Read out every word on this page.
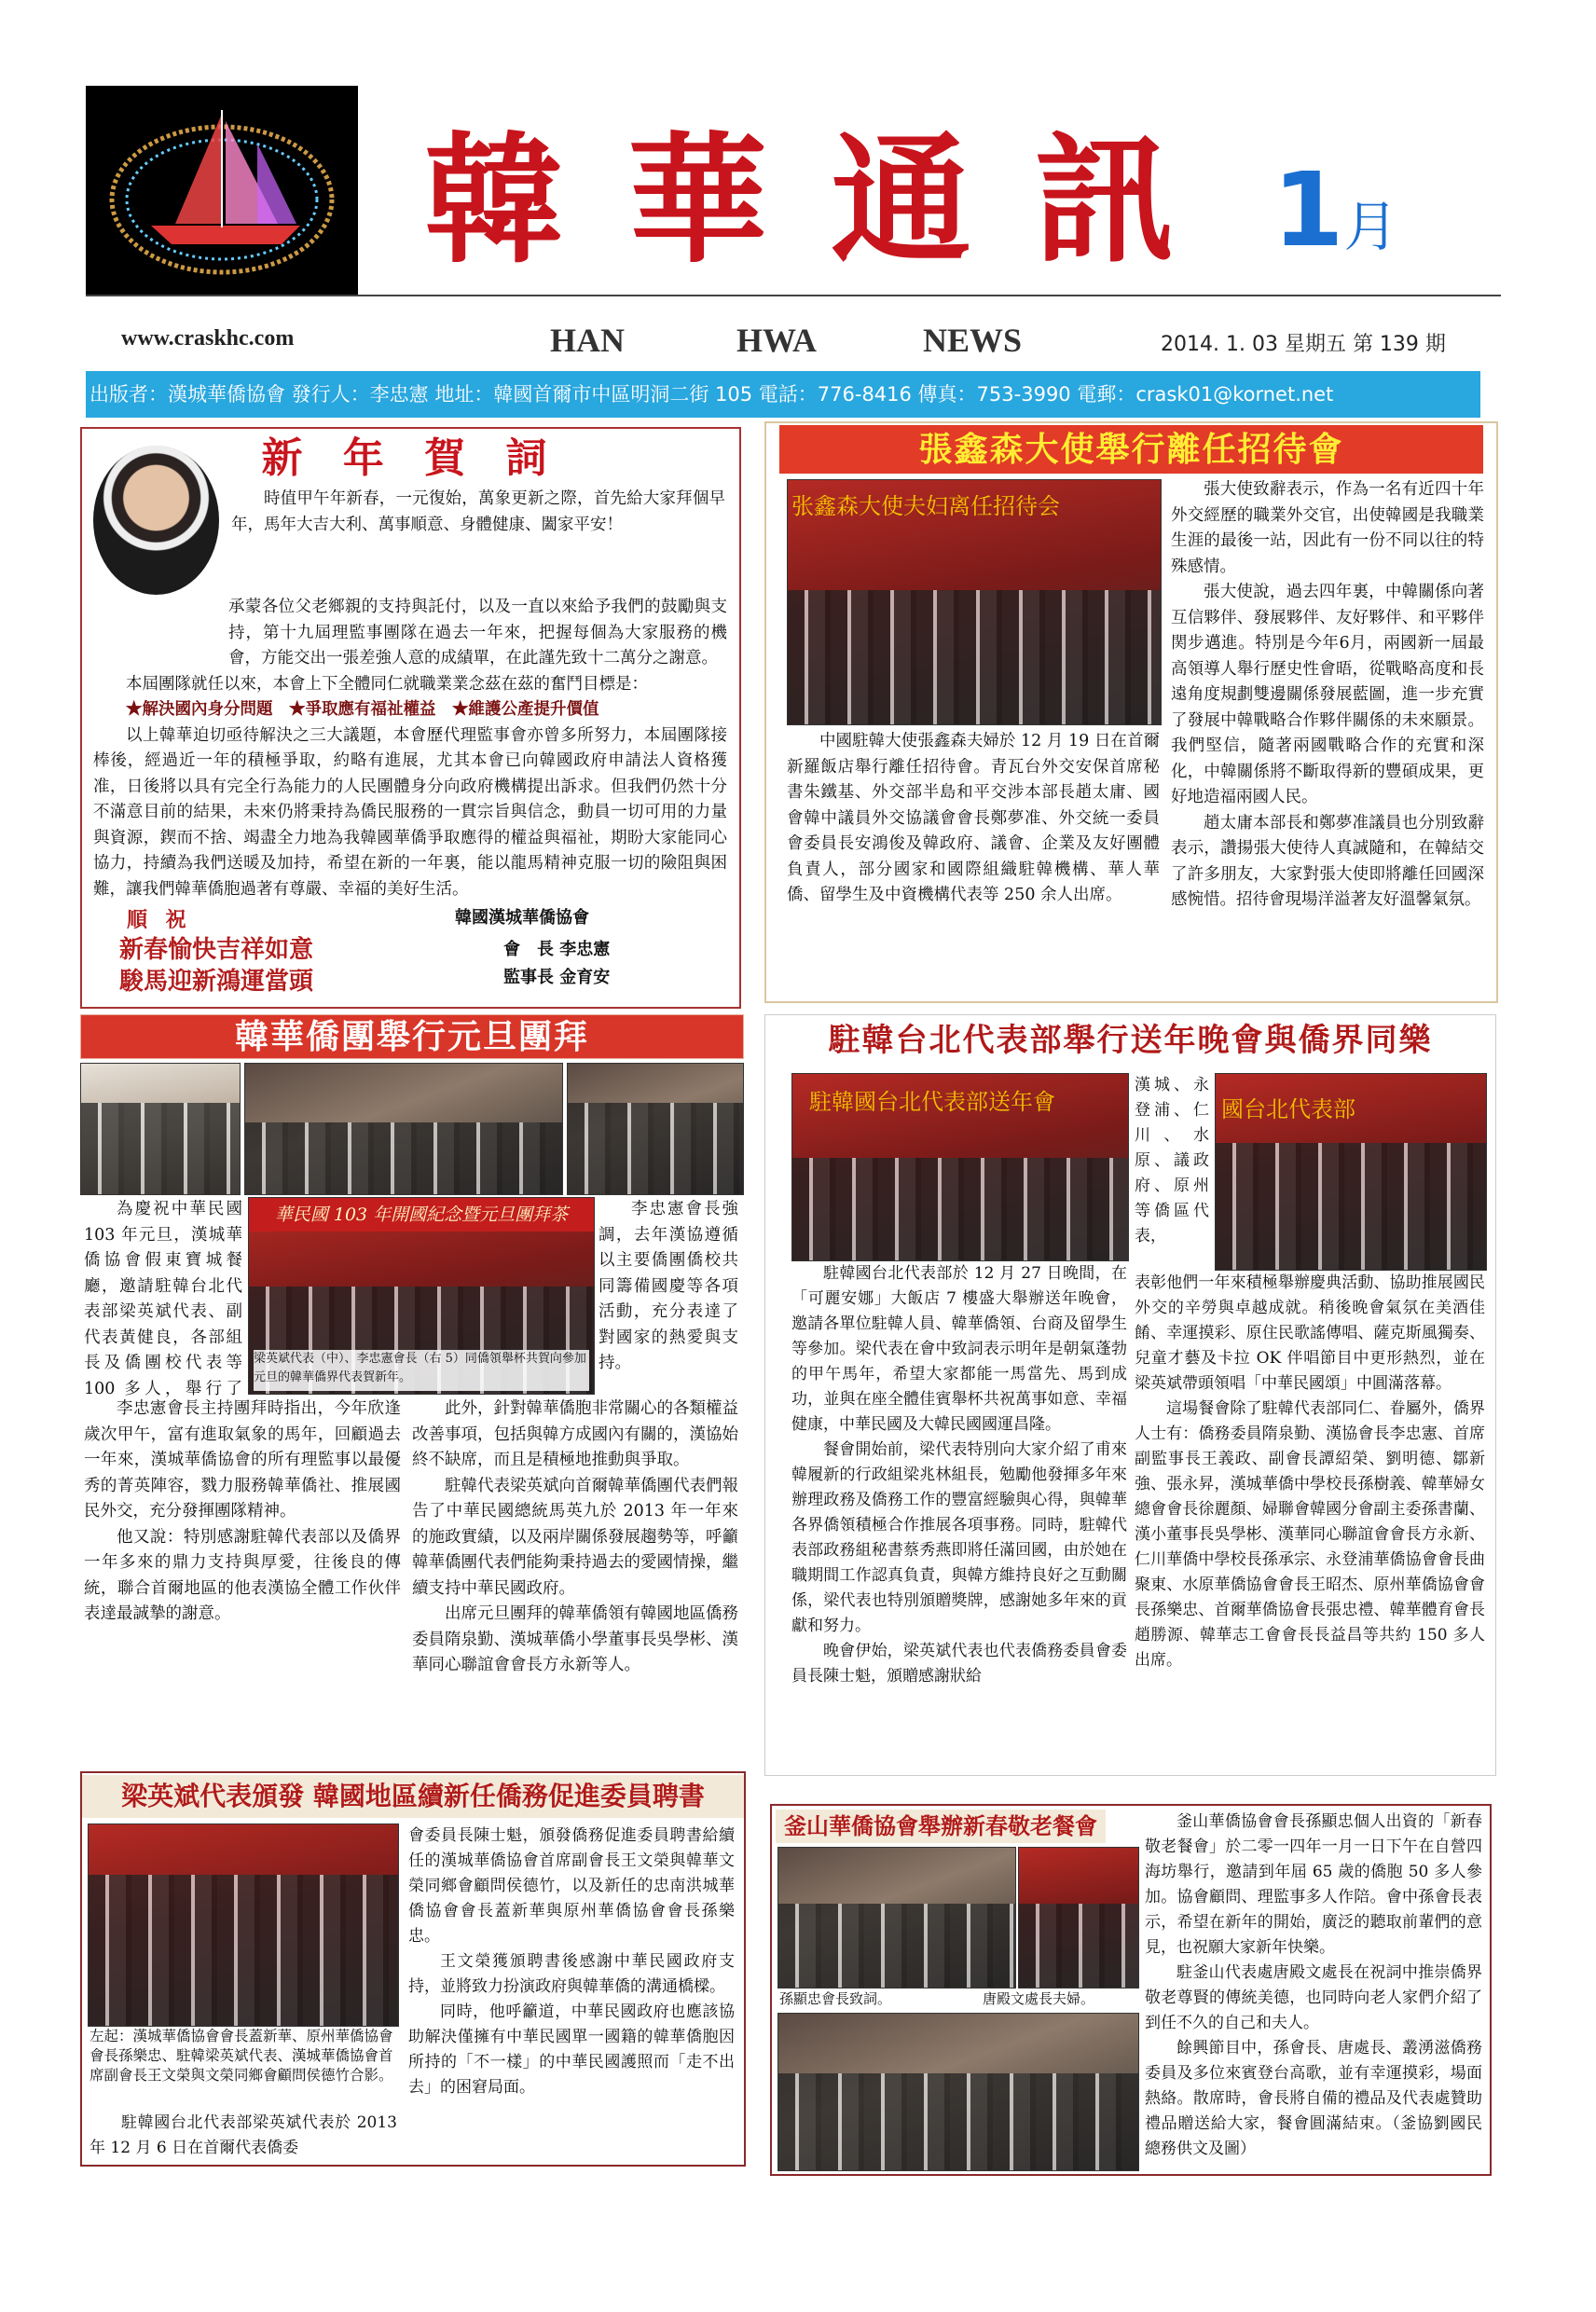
韓 華 通 訊 1月
www.craskhc.com	HAN	HWA	NEWS	2014. 1. 03 星期五 第 139 期
出版者：漢城華僑協會 發行人：李忠憲 地址：韓國首爾市中區明洞二街 105 電話：776-8416 傳真：753-3990 電郵：crask01@kornet.net
新 年 賀 詞

時值甲午年新春，一元復始，萬象更新之際，首先給大家拜個早年，馬年大吉大利、萬事順意、身體健康、闔家平安！

承蒙各位父老鄉親的支持與託付，以及一直以來給予我們的鼓勵與支持，第十九屆理監事團隊在過去一年來，把握每個為大家服務的機會，方能交出一張差強人意的成績單，在此謹先致十二萬分之謝意。

本屆團隊就任以來，本會上下全體同仁就職業業念茲在茲的奮鬥目標是：

★解決國內身分問題　★爭取應有福祉權益　★維護公產提升價值

以上韓華迫切亟待解決之三大議題，本會歷代理監事會亦曾多所努力，本屆團隊接棒後，經過近一年的積極爭取，約略有進展，尤其本會已向韓國政府申請法人資格獲准，日後將以具有完全行為能力的人民團體身分向政府機構提出訴求。但我們仍然十分不滿意目前的結果，未來仍將秉持為僑民服務的一貫宗旨與信念，動員一切可用的力量與資源，鍥而不捨、竭盡全力地為我韓國華僑爭取應得的權益與福祉，期盼大家能同心協力，持續為我們送暖及加持，希望在新的一年裏，能以龍馬精神克服一切的險阻與困難，讓我們韓華僑胞過著有尊嚴、幸福的美好生活。

順 祝
新春愉快吉祥如意
駿馬迎新鴻運當頭
韓國漢城華僑協會
會　長 李忠憲
監事長 金育安
張鑫森大使舉行離任招待會
张鑫森大使夫妇离任招待会

中國駐韓大使張鑫森夫婦於 12 月 19 日在首爾新羅飯店舉行離任招待會。青瓦台外交安保首席秘書朱鐵基、外交部半島和平交涉本部長趙太庸、國會韓中議員外交協議會會長鄭夢准、外交統一委員會委員長安鴻俊及韓政府、議會、企業及友好團體負責人，部分國家和國際組織駐韓機構、華人華僑、留學生及中資機構代表等 250 余人出席。

張大使致辭表示，作為一名有近四十年外交經歷的職業外交官，出使韓國是我職業生涯的最後一站，因此有一份不同以往的特殊感情。

張大使說，過去四年裏，中韓關係向著互信夥伴、發展夥伴、友好夥伴、和平夥伴関步邁進。特別是今年6月，兩國新一屆最高領導人舉行歷史性會晤，從戰略高度和長遠角度規劃雙邊關係發展藍圖，進一步充實了發展中韓戰略合作夥伴關係的未來願景。我們堅信，隨著兩國戰略合作的充實和深化，中韓關係將不斷取得新的豐碩成果，更好地造福兩國人民。

趙太庸本部長和鄭夢准議員也分別致辭表示，讚揚張大使待人真誠隨和，在韓結交了許多朋友，大家對張大使即將離任回國深感惋惜。招待會現場洋溢著友好溫馨氣氛。

韓華僑團舉行元旦團拜
華民國 103 年開國紀念暨元旦團拜茶
梁英斌代表（中）、李忠憲會長（右 5）同僑領舉杯共賀向參加元旦的韓華僑界代表賀新年。

為慶祝中華民國 103 年元旦，漢城華僑協會假東寶城餐廳，邀請駐韓台北代表部梁英斌代表、副代表黃健良，各部組長及僑團校代表等 100 多人，舉行了

李忠憲會長主持團拜時指出，今年欣逢歲次甲午，富有進取氣象的馬年，回顧過去一年來，漢城華僑協會的所有理監事以最優秀的菁英陣容，戮力服務韓華僑社、推展國民外交，充分發揮團隊精神。

他又說：特別感謝駐韓代表部以及僑界一年多來的鼎力支持與厚愛，往後良的傳統，聯合首爾地區的他表漢協全體工作伙伴表達最誠摯的謝意。

李忠憲會長強調，去年漢協遵循以主要僑團僑校共同籌備國慶等各項活動，充分表達了對國家的熱愛與支持。

此外，針對韓華僑胞非常關心的各類權益改善事項，包括與韓方成國內有關的，漢協始終不缺席，而且是積極地推動與爭取。

駐韓代表梁英斌向首爾韓華僑團代表們報告了中華民國總統馬英九於 2013 年一年來的施政實績，以及兩岸關係發展趨勢等，呼籲韓華僑團代表們能夠秉持過去的愛國情操，繼續支持中華民國政府。

出席元旦團拜的韓華僑領有韓國地區僑務委員隋泉勤、漢城華僑小學董事長吳學彬、漢華同心聯誼會會長方永新等人。

駐韓台北代表部舉行送年晚會與僑界同樂
駐韓國台北代表部送年會

漢城、永登浦、仁川、水原、議政府、原州等僑區代表，

國台北代表部

駐韓國台北代表部於 12 月 27 日晚間，在「可麗安娜」大飯店 7 樓盛大舉辦送年晚會，邀請各單位駐韓人員、韓華僑領、台商及留學生等參加。梁代表在會中致詞表示明年是朝氣蓬勃的甲午馬年，希望大家都能一馬當先、馬到成功，並與在座全體佳賓舉杯共祝萬事如意、幸福健康，中華民國及大韓民國國運昌隆。

餐會開始前，梁代表特別向大家介紹了甫來韓履新的行政組梁兆林組長，勉勵他發揮多年來辦理政務及僑務工作的豐富經驗與心得，與韓華各界僑領積極合作推展各項事務。同時，駐韓代表部政務組秘書蔡秀燕即將任滿回國，由於她在職期間工作認真負責，與韓方維持良好之互動關係，梁代表也特別頒贈獎牌，感謝她多年來的貢獻和努力。

晚會伊始，梁英斌代表也代表僑務委員會委員長陳士魁，頒贈感謝狀給

表彰他們一年來積極舉辦慶典活動、協助推展國民外交的辛勞與卓越成就。稍後晚會氣氛在美酒佳餚、幸運摸彩、原住民歌謠傳唱、薩克斯風獨奏、兒童才藝及卡拉 OK 伴唱節目中更形熱烈，並在梁英斌帶頭領唱「中華民國頌」中圓滿落幕。

這場餐會除了駐韓代表部同仁、眷屬外，僑界人士有：僑務委員隋泉勤、漢協會長李忠憲、首席副監事長王義政、副會長譚紹榮、劉明德、鄒新強、張永昇，漢城華僑中學校長孫樹義、韓華婦女總會會長徐麗顏、婦聯會韓國分會副主委孫書蘭、漢小董事長吳學彬、漢華同心聯誼會會長方永新、仁川華僑中學校長孫承宗、永登浦華僑協會會長曲聚東、水原華僑協會會長王昭杰、原州華僑協會會長孫樂忠、首爾華僑協會長張忠禮、韓華體育會長趙勝源、韓華志工會會長長益昌等共約 150 多人出席。

梁英斌代表頒發 韓國地區續新任僑務促進委員聘書
左起：漢城華僑協會會長蓋新華、原州華僑協會會長孫樂忠、駐韓梁英斌代表、漢城華僑協會首席副會長王文榮與文榮同鄉會顧問侯德竹合影。

駐韓國台北代表部梁英斌代表於 2013 年 12 月 6 日在首爾代表僑委

會委員長陳士魁，頒發僑務促進委員聘書給續任的漢城華僑協會首席副會長王文榮與韓華文榮同鄉會顧問侯德竹，以及新任的忠南洪城華僑協會會長蓋新華與原州華僑協會會長孫樂忠。

王文榮獲頒聘書後感謝中華民國政府支持，並將致力扮演政府與韓華僑的溝通橋樑。

同時，他呼籲道，中華民國政府也應該協助解決僅擁有中華民國單一國籍的韓華僑胞因所持的「不一樣」的中華民國護照而「走不出去」的困窘局面。

釜山華僑協會舉辦新春敬老餐會
孫顯忠會長致詞。	唐殿文處長夫婦。

釜山華僑協會會長孫顯忠個人出資的「新春敬老餐會」於二零一四年一月一日下午在自營四海坊舉行，邀請到年屆 65 歲的僑胞 50 多人參加。協會顧問、理監事多人作陪。會中孫會長表示，希望在新年的開始，廣泛的聽取前輩們的意見，也祝願大家新年快樂。

駐釜山代表處唐殿文處長在祝詞中推崇僑界敬老尊賢的傳統美德，也同時向老人家們介紹了到任不久的自己和夫人。

餘興節目中，孫會長、唐處長、叢湧滋僑務委員及多位來賓登台高歌，並有幸運摸彩，場面熱絡。散席時，會長將自備的禮品及代表處贊助禮品贈送給大家，餐會圓滿結束。（釜協劉國民總務供文及圖）
